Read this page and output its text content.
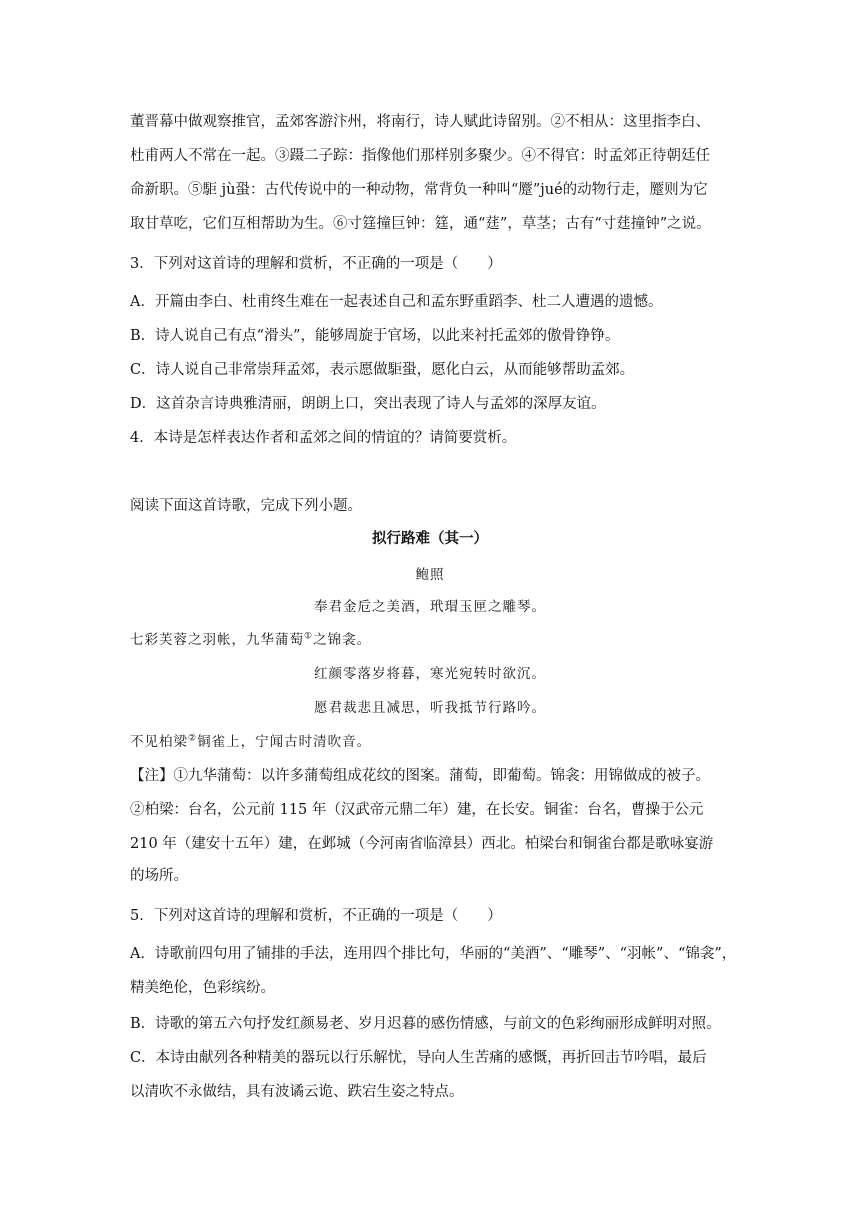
董晋幕中做观察推官，孟郊客游汴州，将南行，诗人赋此诗留别。②不相从：这里指李白、
杜甫两人不常在一起。③蹑二子踪：指像他们那样别多聚少。④不得官：时孟郊正待朝廷任
命新职。⑤駏 jù蛩：古代传说中的一种动物，常背负一种叫“蹷”jué的动物行走，蹷则为它
取甘草吃，它们互相帮助为生。⑥寸筳撞巨钟：筳，通“莛”，草茎；古有“寸莛撞钟”之说。
3．下列对这首诗的理解和赏析，不正确的一项是（　　）
A．开篇由李白、杜甫终生难在一起表述自己和孟东野重蹈李、杜二人遭遇的遗憾。
B．诗人说自己有点“滑头”，能够周旋于官场，以此来衬托孟郊的傲骨铮铮。
C．诗人说自己非常崇拜孟郊，表示愿做駏蛩，愿化白云，从而能够帮助孟郊。
D．这首杂言诗典雅清丽，朗朗上口，突出表现了诗人与孟郊的深厚友谊。
4．本诗是怎样表达作者和孟郊之间的情谊的？请简要赏析。
阅读下面这首诗歌，完成下列小题。
拟行路难（其一）
鲍照
奉君金卮之美酒，玳瑁玉匣之雕琴。
七彩芙蓉之羽帐，九华蒲萄①之锦衾。
红颜零落岁将暮，寒光宛转时欲沉。
愿君裁悲且减思，听我抵节行路吟。
不见柏梁②铜雀上，宁闻古时清吹音。
【注】①九华蒲萄：以许多蒲萄组成花纹的图案。蒲萄，即葡萄。锦衾：用锦做成的被子。
②柏梁：台名，公元前 115 年（汉武帝元鼎二年）建，在长安。铜雀：台名，曹操于公元
210 年（建安十五年）建，在邺城（今河南省临漳县）西北。柏梁台和铜雀台都是歌咏宴游
的场所。
5．下列对这首诗的理解和赏析，不正确的一项是（　　）
A．诗歌前四句用了铺排的手法，连用四个排比句，华丽的“美酒”、“雕琴”、“羽帐”、“锦衾”，
精美绝伦，色彩缤纷。
B．诗歌的第五六句抒发红颜易老、岁月迟暮的感伤情感，与前文的色彩绚丽形成鲜明对照。
C．本诗由献列各种精美的器玩以行乐解忧，导向人生苦痛的感慨，再折回击节吟唱，最后
以清吹不永做结，具有波谲云诡、跌宕生姿之特点。
